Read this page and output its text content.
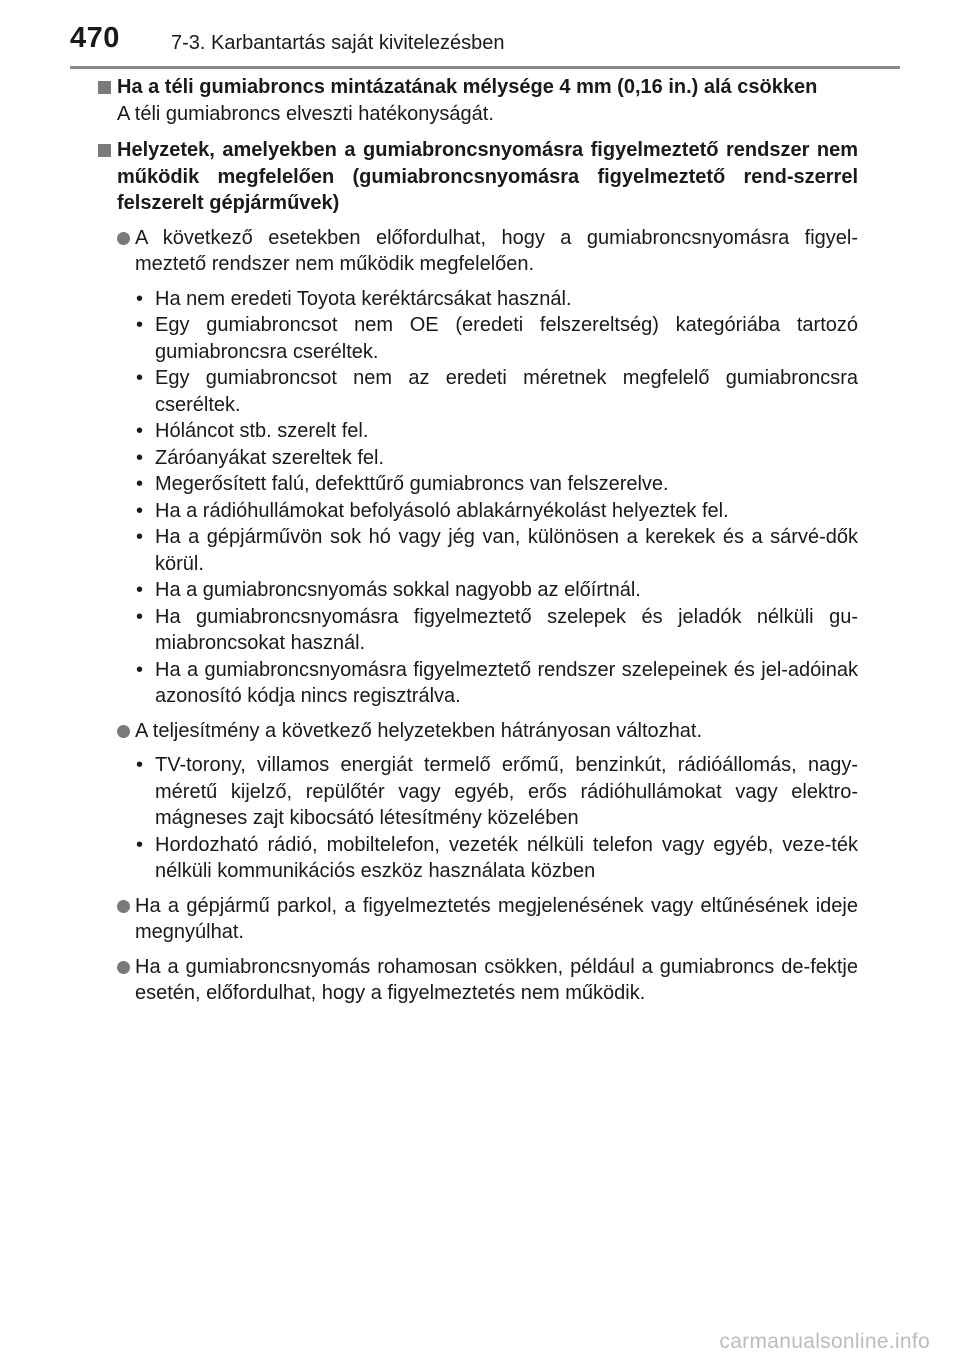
470	7-3. Karbantartás saját kivitelezésben
Ha a téli gumiabroncs mintázatának mélysége 4 mm (0,16 in.) alá csökken
A téli gumiabroncs elveszti hatékonyságát.
Helyzetek, amelyekben a gumiabroncsnyomásra figyelmeztető rendszer nem működik megfelelően (gumiabroncsnyomásra figyelmeztető rend-szerrel felszerelt gépjárművek)
A következő esetekben előfordulhat, hogy a gumiabroncsnyomásra figyel-meztető rendszer nem működik megfelelően.
• Ha nem eredeti Toyota keréktárcsákat használ.
• Egy gumiabroncsot nem OE (eredeti felszereltség) kategóriába tartozó gumiabroncsra cseréltek.
• Egy gumiabroncsot nem az eredeti méretnek megfelelő gumiabroncsra cseréltek.
• Hóláncot stb. szerelt fel.
• Záróanyákat szereltek fel.
• Megerősített falú, defekttűrő gumiabroncs van felszerelve.
• Ha a rádióhullámokat befolyásoló ablakárnyékolást helyeztek fel.
• Ha a gépjárművön sok hó vagy jég van, különösen a kerekek és a sárvé-dők körül.
• Ha a gumiabroncsnyomás sokkal nagyobb az előírtnál.
• Ha gumiabroncsnyomásra figyelmeztető szelepek és jeladók nélküli gu-miabroncsokat használ.
• Ha a gumiabroncsnyomásra figyelmeztető rendszer szelepeinek és jel-adóinak azonosító kódja nincs regisztrálva.
A teljesítmény a következő helyzetekben hátrányosan változhat.
• TV-torony, villamos energiát termelő erőmű, benzinkút, rádióállomás, nagy-méretű kijelző, repülőtér vagy egyéb, erős rádióhullámokat vagy elektro-mágneses zajt kibocsátó létesítmény közelében
• Hordozható rádió, mobiltelefon, vezeték nélküli telefon vagy egyéb, veze-ték nélküli kommunikációs eszköz használata közben
Ha a gépjármű parkol, a figyelmeztetés megjelenésének vagy eltűnésének ideje megnyúlhat.
Ha a gumiabroncsnyomás rohamosan csökken, például a gumiabroncs de-fektje esetén, előfordulhat, hogy a figyelmeztetés nem működik.
carmanualsonline.info
